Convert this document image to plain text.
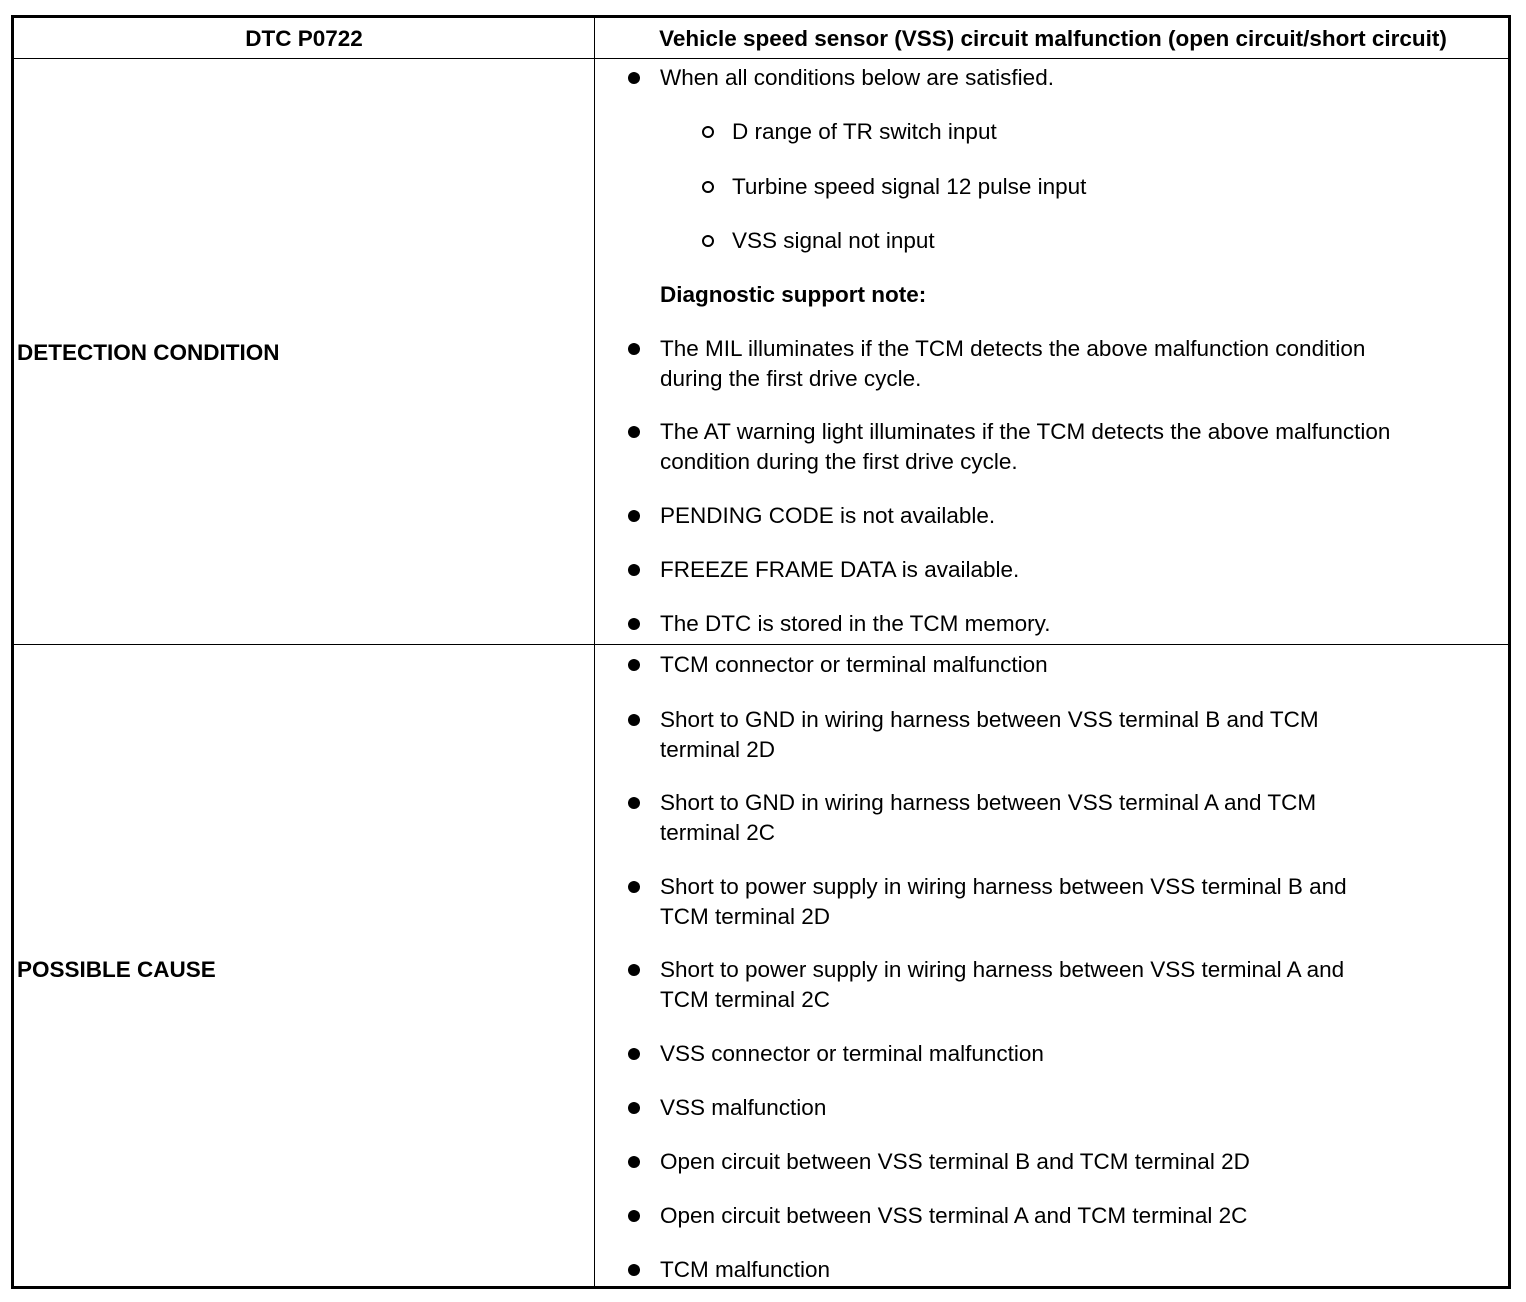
DTC P0722	Vehicle speed sensor (VSS) circuit malfunction (open circuit/short circuit)
DETECTION CONDITION
POSSIBLE CAUSE
When all conditions below are satisfied.
D range of TR switch input
Turbine speed signal 12 pulse input
VSS signal not input
Diagnostic support note:
The MIL illuminates if the TCM detects the above malfunction condition
during the first drive cycle.
The AT warning light illuminates if the TCM detects the above malfunction
condition during the first drive cycle.
PENDING CODE is not available.
FREEZE FRAME DATA is available.
The DTC is stored in the TCM memory.
TCM connector or terminal malfunction
Short to GND in wiring harness between VSS terminal B and TCM
terminal 2D
Short to GND in wiring harness between VSS terminal A and TCM
terminal 2C
Short to power supply in wiring harness between VSS terminal B and
TCM terminal 2D
Short to power supply in wiring harness between VSS terminal A and
TCM terminal 2C
VSS connector or terminal malfunction
VSS malfunction
Open circuit between VSS terminal B and TCM terminal 2D
Open circuit between VSS terminal A and TCM terminal 2C
TCM malfunction
